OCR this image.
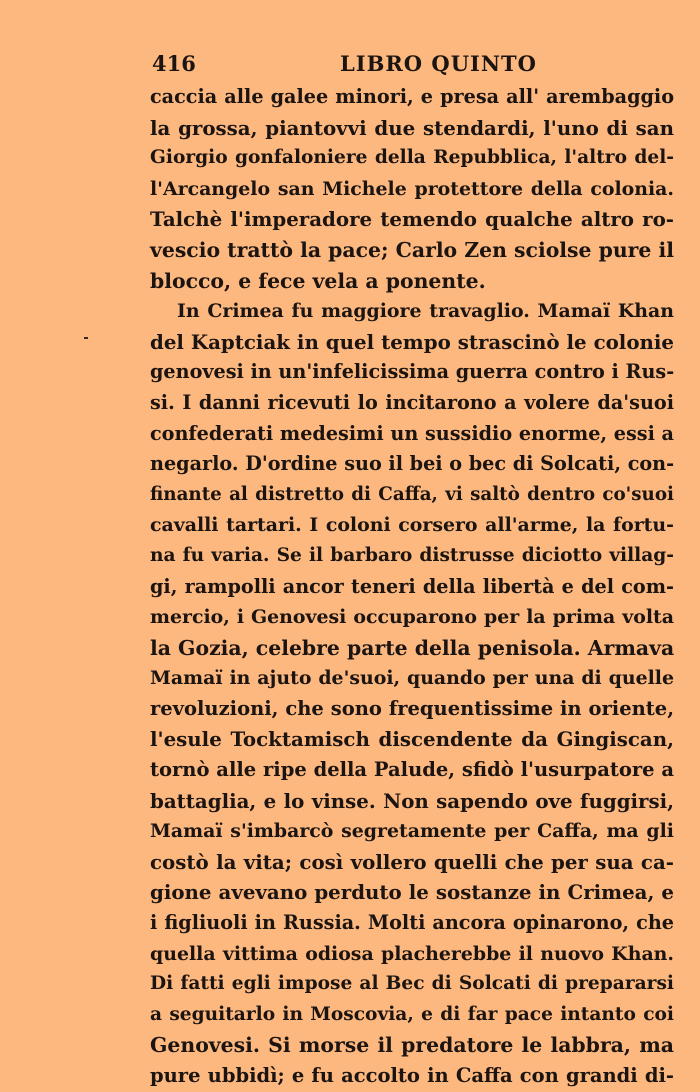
416	LIBRO QUINTO
caccia alle galee minori, e presa all' arembaggio
la grossa, piantovvi due stendardi, l'uno di san
Giorgio gonfaloniere della Repubblica, l'altro del-
l'Arcangelo san Michele protettore della colonia.
Talchè l'imperadore temendo qualche altro ro-
vescio trattò la pace; Carlo Zen sciolse pure il
blocco, e fece vela a ponente.
In Crimea fu maggiore travaglio. Mamaï Khan
del Kaptciak in quel tempo strascinò le colonie
genovesi in un'infelicissima guerra contro i Rus-
si. I danni ricevuti lo incitarono a volere da'suoi
confederati medesimi un sussidio enorme, essi a
negarlo. D'ordine suo il bei o bec di Solcati, con-
finante al distretto di Caffa, vi saltò dentro co'suoi
cavalli tartari. I coloni corsero all'arme, la fortu-
na fu varia. Se il barbaro distrusse diciotto villag-
gi, rampolli ancor teneri della libertà e del com-
mercio, i Genovesi occuparono per la prima volta
la Gozia, celebre parte della penisola. Armava
Mamaï in ajuto de'suoi, quando per una di quelle
revoluzioni, che sono frequentissime in oriente,
l'esule Tocktamisch discendente da Gingiscan,
tornò alle ripe della Palude, sfidò l'usurpatore a
battaglia, e lo vinse. Non sapendo ove fuggirsi,
Mamaï s'imbarcò segretamente per Caffa, ma gli
costò la vita; così vollero quelli che per sua ca-
gione avevano perduto le sostanze in Crimea, e
i figliuoli in Russia. Molti ancora opinarono, che
quella vittima odiosa placherebbe il nuovo Khan.
Di fatti egli impose al Bec di Solcati di prepararsi
a seguitarlo in Moscovia, e di far pace intanto coi
Genovesi. Si morse il predatore le labbra, ma
pure ubbidì; e fu accolto in Caffa con grandi di-
